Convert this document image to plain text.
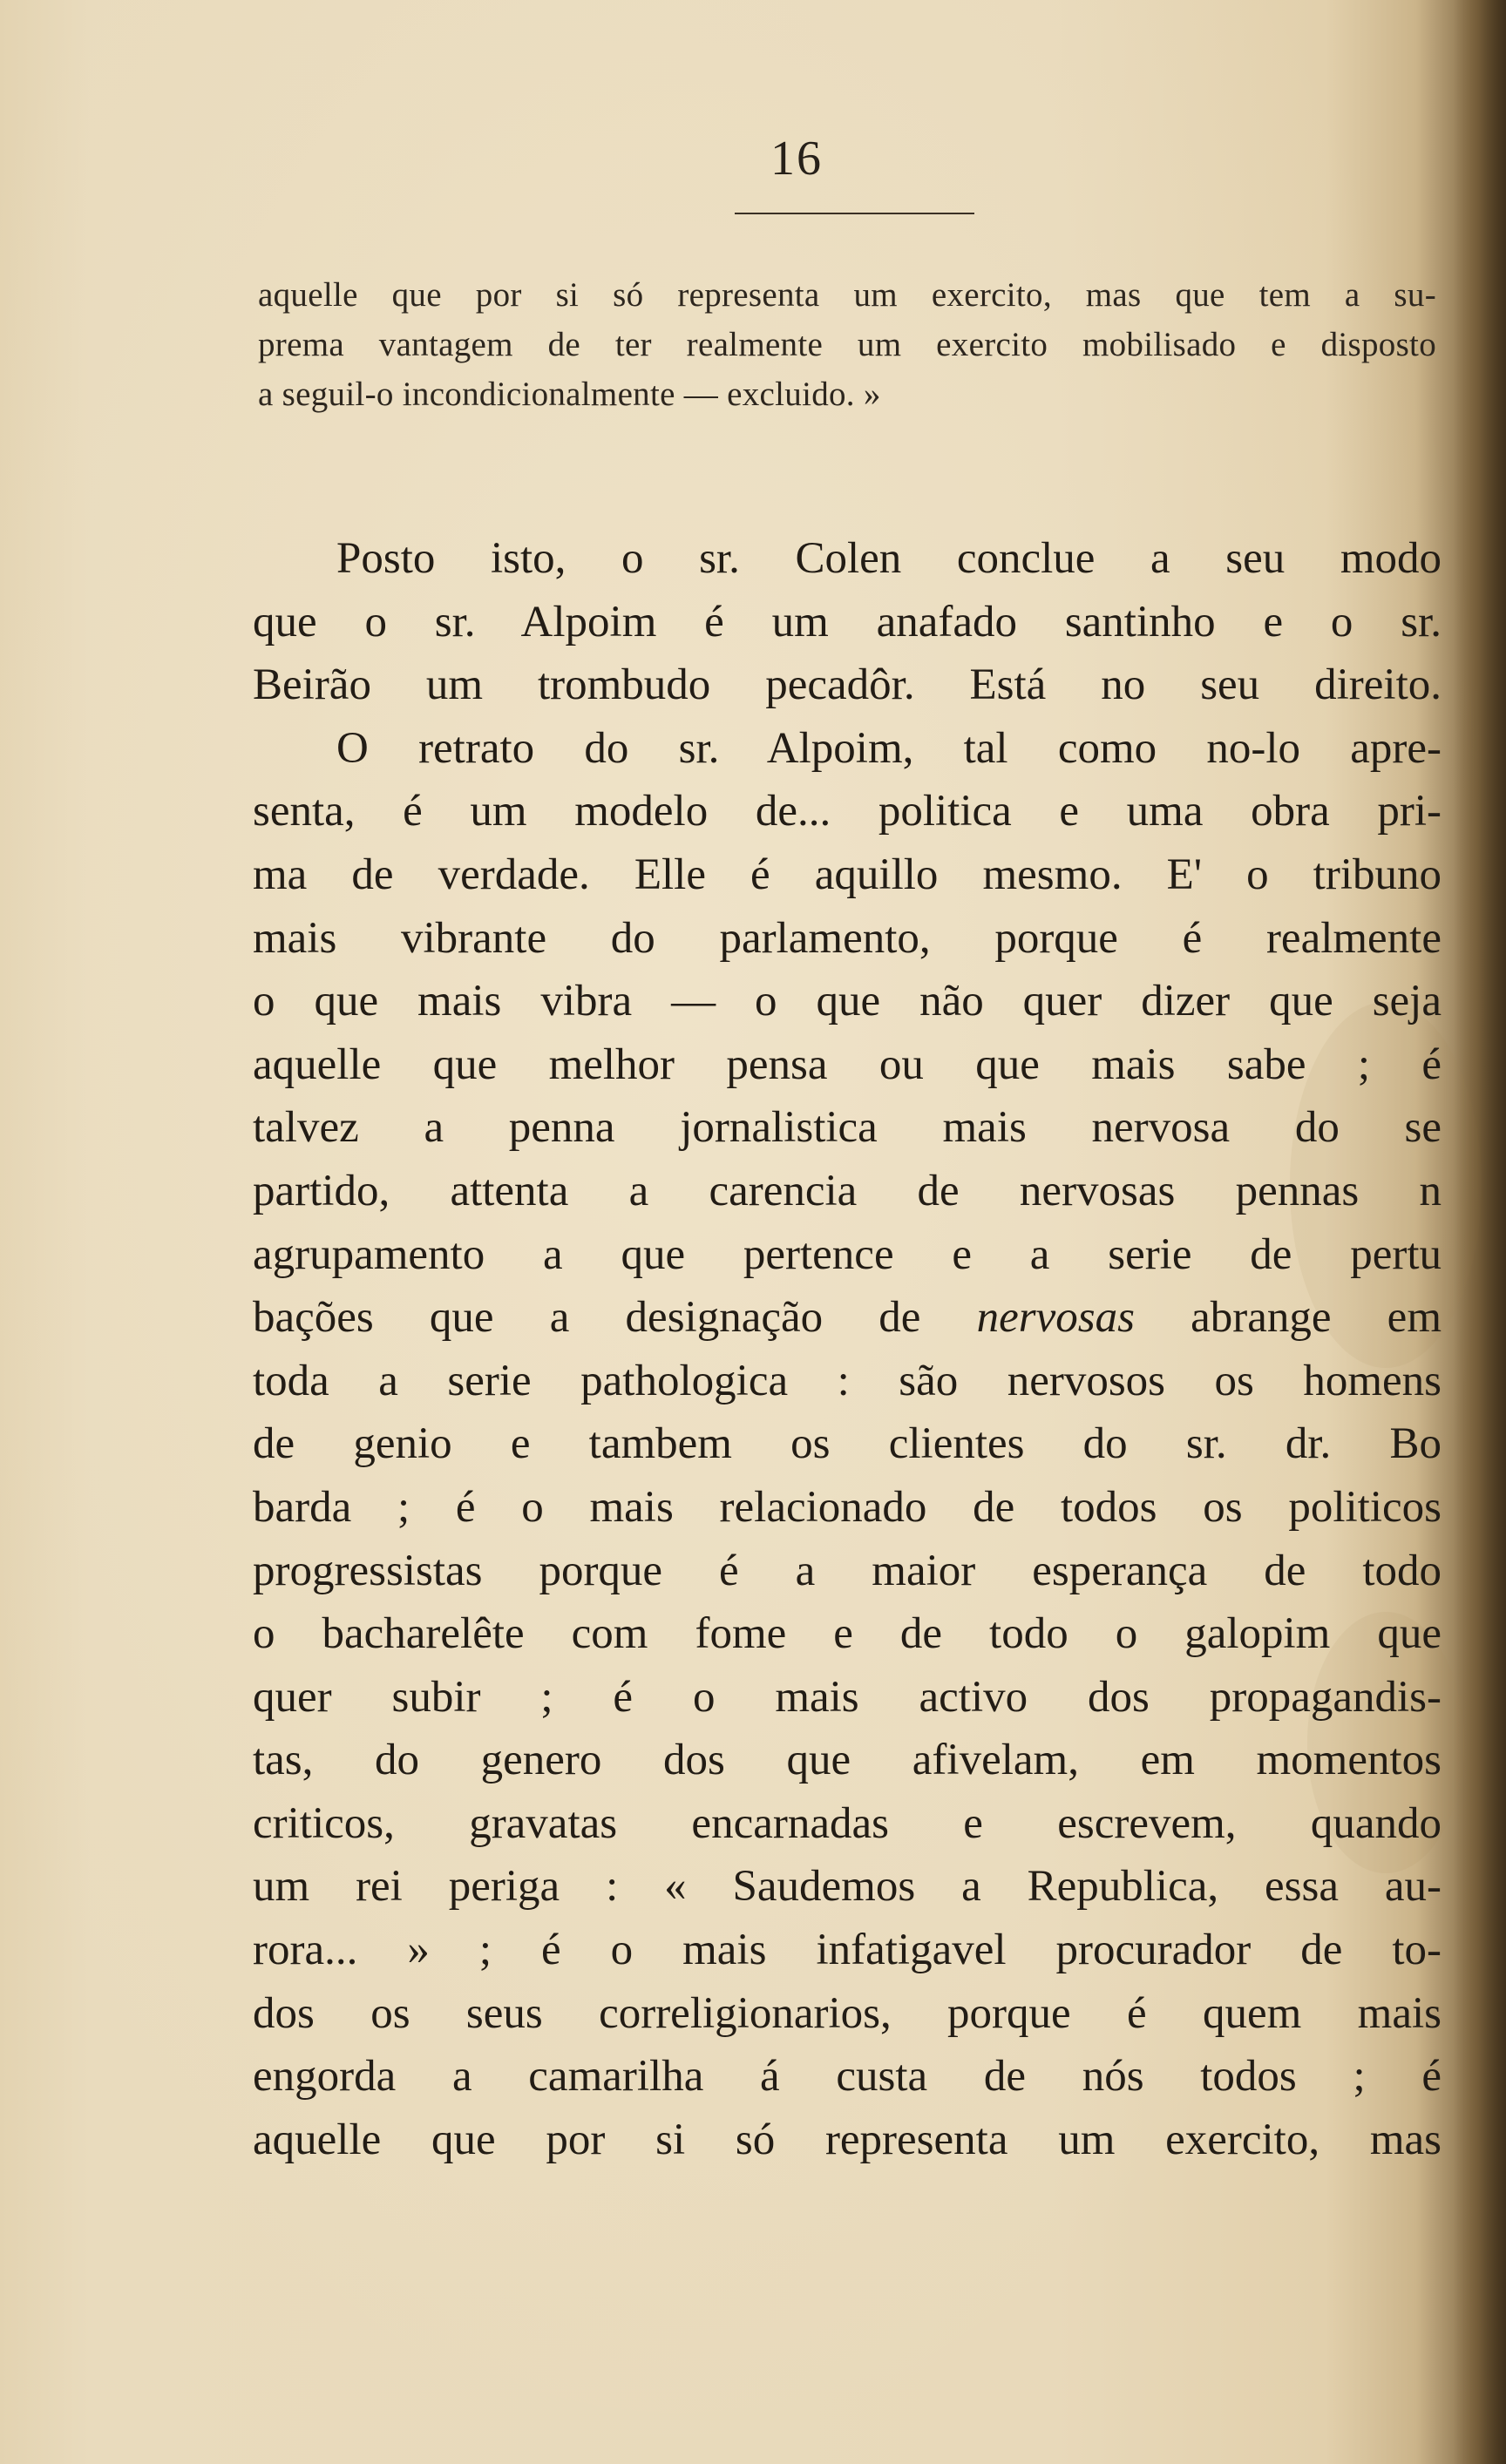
16
aquelle que por si só representa um exercito, mas que tem a su-
prema vantagem de ter realmente um exercito mobilisado e disposto
a seguil-o incondicionalmente — excluido. »
Posto isto, o sr. Colen conclue a seu modo
que o sr. Alpoim é um anafado santinho e o sr.
Beirão um trombudo pecadôr. Está no seu direito.
O retrato do sr. Alpoim, tal como no-lo apre-
senta, é um modelo de... politica e uma obra pri-
ma de verdade. Elle é aquillo mesmo. E' o tribuno
mais vibrante do parlamento, porque é realmente
o que mais vibra — o que não quer dizer que seja
aquelle que melhor pensa ou que mais sabe ; é
talvez a penna jornalistica mais nervosa do se
partido, attenta a carencia de nervosas pennas n
agrupamento a que pertence e a serie de pertu
bações que a designação de nervosas abrange em
toda a serie pathologica : são nervosos os homens
de genio e tambem os clientes do sr. dr. Bo
barda ; é o mais relacionado de todos os politicos
progressistas porque é a maior esperança de todo
o bacharelête com fome e de todo o galopim que
quer subir ; é o mais activo dos propagandis-
tas, do genero dos que afivelam, em momentos
criticos, gravatas encarnadas e escrevem, quando
um rei periga : « Saudemos a Republica, essa au-
rora... » ; é o mais infatigavel procurador de to-
dos os seus correligionarios, porque é quem mais
engorda a camarilha á custa de nós todos ; é
aquelle que por si só representa um exercito, mas
